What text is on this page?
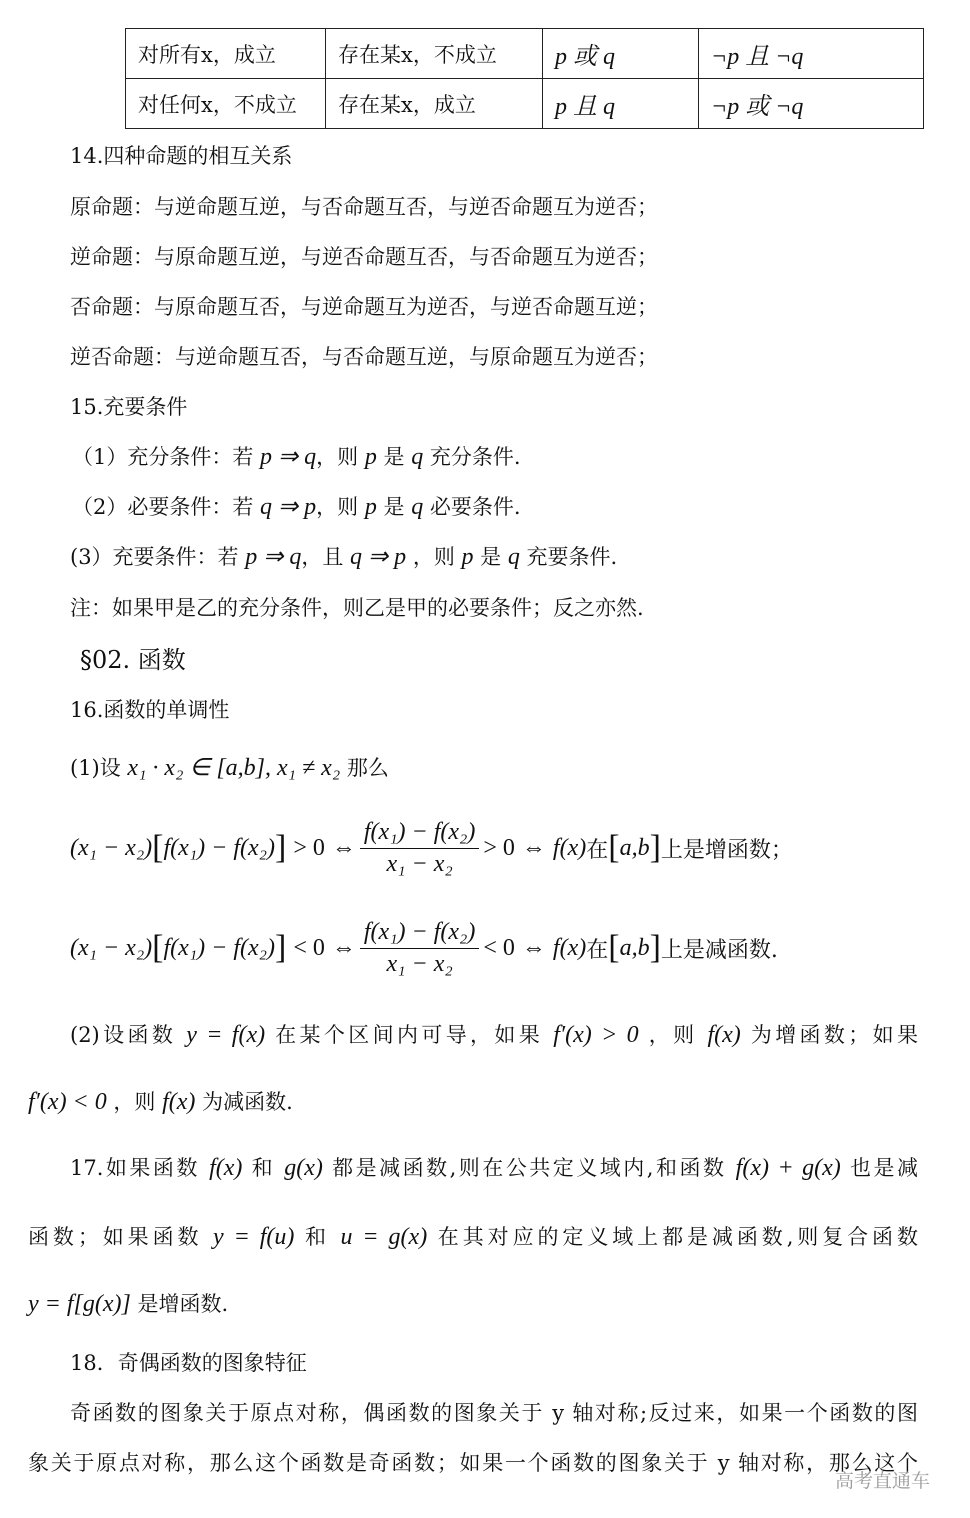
对所有x，成立	存在某x，不成立	p 或 q	¬p 且 ¬q
对任何x，不成立	存在某x，成立	p 且 q	¬p 或 ¬q
14.四种命题的相互关系
原命题：与逆命题互逆，与否命题互否，与逆否命题互为逆否；
逆命题：与原命题互逆，与逆否命题互否，与否命题互为逆否；
否命题：与原命题互否，与逆命题互为逆否，与逆否命题互逆；
逆否命题：与逆命题互否，与否命题互逆，与原命题互为逆否；
15.充要条件
（1）充分条件：若 p ⇒ q，则 p 是 q 充分条件.
（2）必要条件：若 q ⇒ p，则 p 是 q 必要条件.
(3）充要条件：若 p ⇒ q，且 q ⇒ p ，则 p 是 q 充要条件.
注：如果甲是乙的充分条件，则乙是甲的必要条件；反之亦然.
§02. 函数
16.函数的单调性
(1)设 x₁ · x₂ ∈ [a,b], x₁ ≠ x₂ 那么
(2)设函数 y = f(x) 在某个区间内可导，如果 f′(x) > 0 ，则 f(x) 为增函数；如果
f′(x) < 0 ，则 f(x) 为减函数.
17.如果函数 f(x) 和 g(x) 都是减函数,则在公共定义域内,和函数 f(x) + g(x) 也是减
函数；如果函数 y = f(u) 和 u = g(x) 在其对应的定义域上都是减函数,则复合函数
y = f[g(x)] 是增函数.
18．奇偶函数的图象特征
奇函数的图象关于原点对称，偶函数的图象关于 y 轴对称;反过来，如果一个函数的图
象关于原点对称，那么这个函数是奇函数；如果一个函数的图象关于 y 轴对称，那么这个
(x₁ − x₂) [ f(x₁) − f(x₂) ]
> 0
⇔ $\frac{\text{f(x₁) − f(x₂)}}{\text{x₁ − x₂}} > 0$
⇔
f(x) 在 [ a,b ] 上是增函数；
(x₁ − x₂) [ f(x₁) − f(x₂) ]
< 0
⇔ $\frac{\text{f(x₁) − f(x₂)}}{\text{x₁ − x₂}} < 0$
⇔
f(x) 在 [ a,b ] 上是减函数.
高考直通车
